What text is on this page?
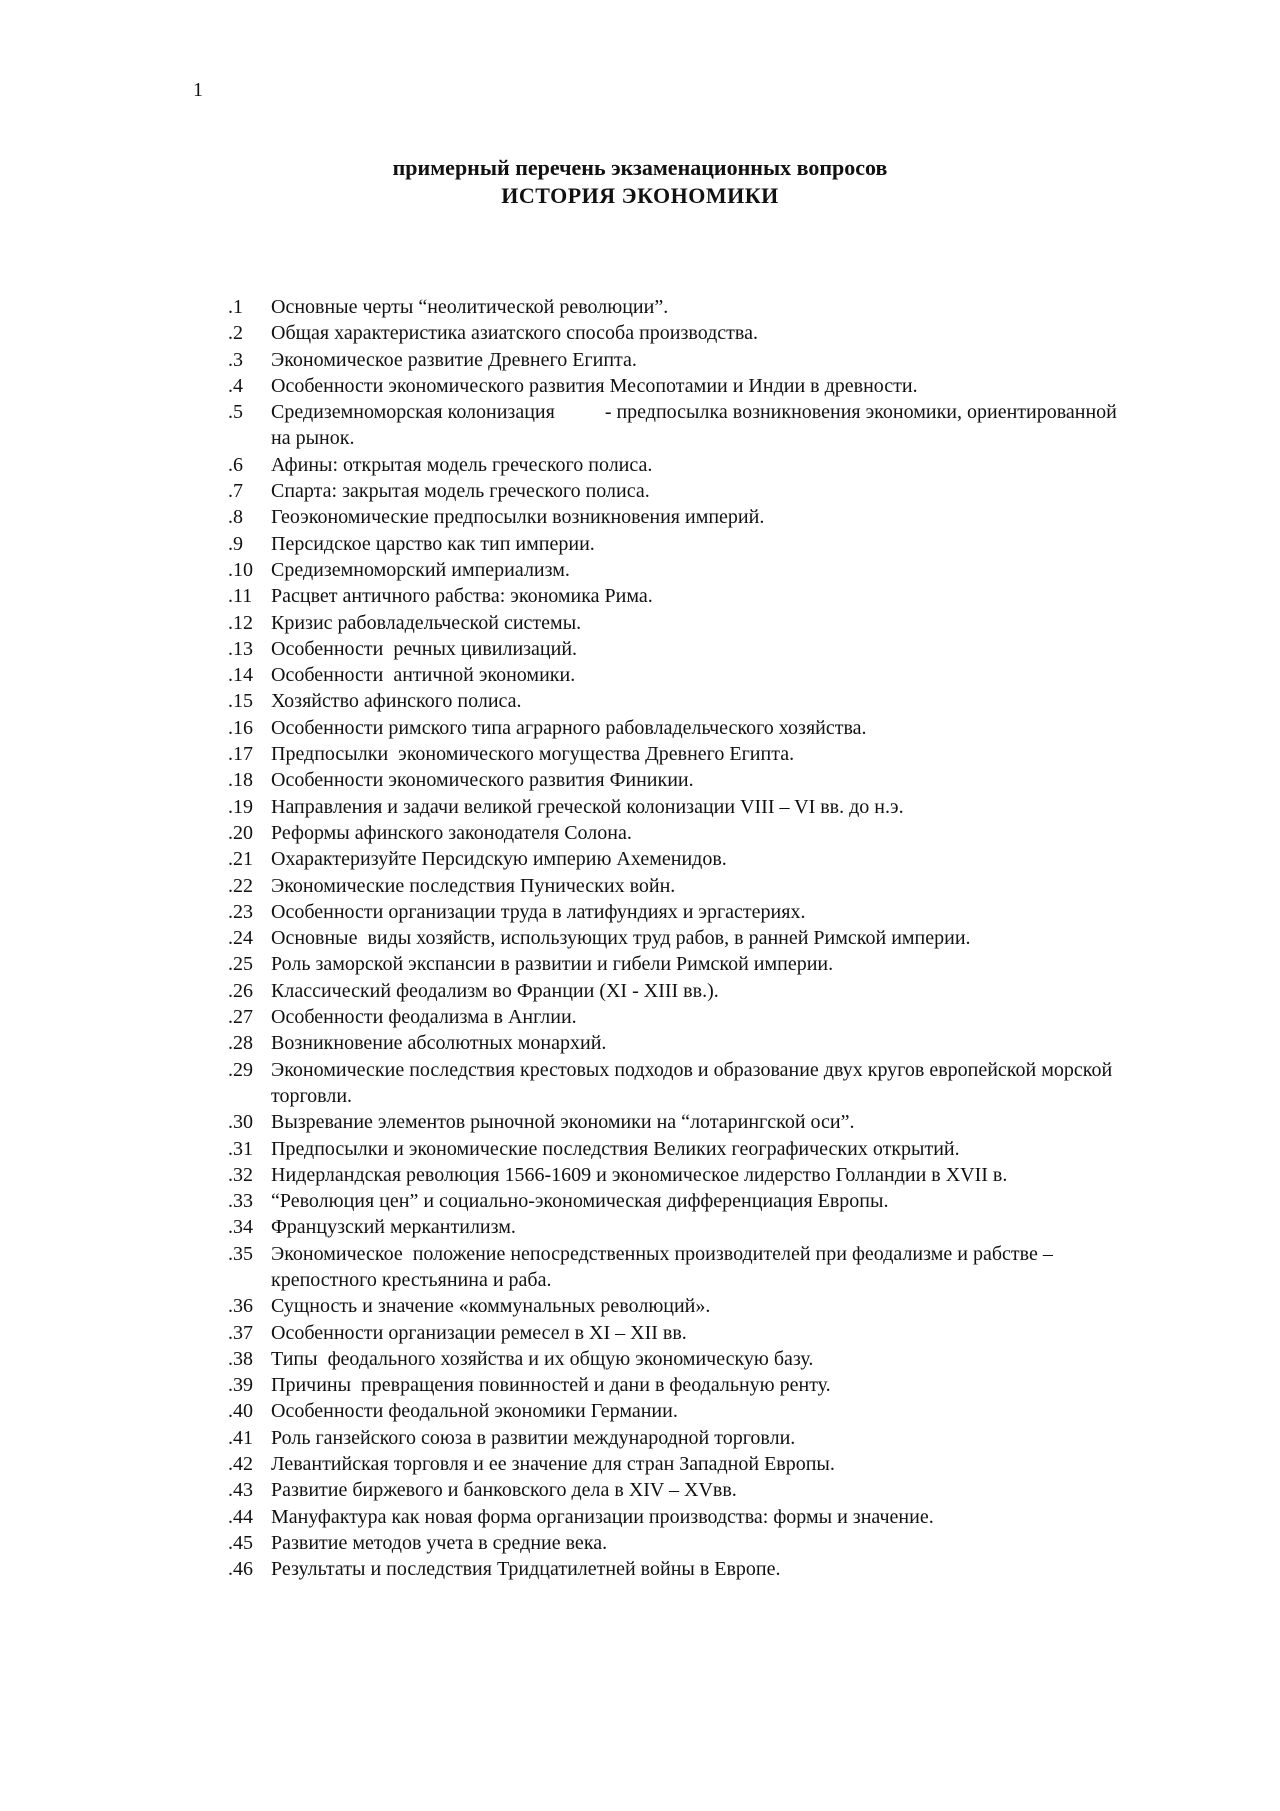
1
примерный перечень экзаменационных вопросов
ИСТОРИЯ ЭКОНОМИКИ
.1	Основные черты “неолитической революции”.
.2	Общая характеристика азиатского способа производства.
.3	Экономическое развитие Древнего Египта.
.4	Особенности экономического развития Месопотамии и Индии в древности.
.5	Средиземноморская колонизация          - предпосылка возникновения экономики, ориентированной на рынок.
.6	Афины: открытая модель греческого полиса.
.7	Спарта: закрытая модель греческого полиса.
.8	Геоэкономические предпосылки возникновения империй.
.9	Персидское царство как тип империи.
.10 Средиземноморский империализм.
.11 Расцвет античного рабства: экономика Рима.
.12 Кризис рабовладельческой системы.
.13 Особенности  речных цивилизаций.
.14 Особенности  античной экономики.
.15 Хозяйство афинского полиса.
.16 Особенности римского типа аграрного рабовладельческого хозяйства.
.17 Предпосылки  экономического могущества Древнего Египта.
.18 Особенности экономического развития Финикии.
.19 Направления и задачи великой греческой колонизации VIII – VI вв. до н.э.
.20 Реформы афинского законодателя Солона.
.21 Охарактеризуйте Персидскую империю Ахеменидов.
.22 Экономические последствия Пунических войн.
.23 Особенности организации труда в латифундиях и эргастериях.
.24 Основные  виды хозяйств, использующих труд рабов, в ранней Римской империи.
.25 Роль заморской экспансии в развитии и гибели Римской империи.
.26 Классический феодализм во Франции (XI - XIII вв.).
.27 Особенности феодализма в Англии.
.28 Возникновение абсолютных монархий.
.29 Экономические последствия крестовых подходов и образование двух кругов европейской морской торговли.
.30 Вызревание элементов рыночной экономики на “лотарингской оси”.
.31 Предпосылки и экономические последствия Великих географических открытий.
.32 Нидерландская революция 1566-1609 и экономическое лидерство Голландии в XVII в.
.33 “Революция цен” и социально-экономическая дифференциация Европы.
.34 Французский меркантилизм.
.35 Экономическое  положение непосредственных производителей при феодализме и рабстве – крепостного крестьянина и раба.
.36 Сущность и значение «коммунальных революций».
.37 Особенности организации ремесел в XI – XII вв.
.38 Типы  феодального хозяйства и их общую экономическую базу.
.39 Причины  превращения повинностей и дани в феодальную ренту.
.40 Особенности феодальной экономики Германии.
.41 Роль ганзейского союза в развитии международной торговли.
.42 Левантийская торговля и ее значение для стран Западной Европы.
.43 Развитие биржевого и банковского дела в XIV – XVвв.
.44 Мануфактура как новая форма организации производства: формы и значение.
.45 Развитие методов учета в средние века.
.46 Результаты и последствия Тридцатилетней войны в Европе.
